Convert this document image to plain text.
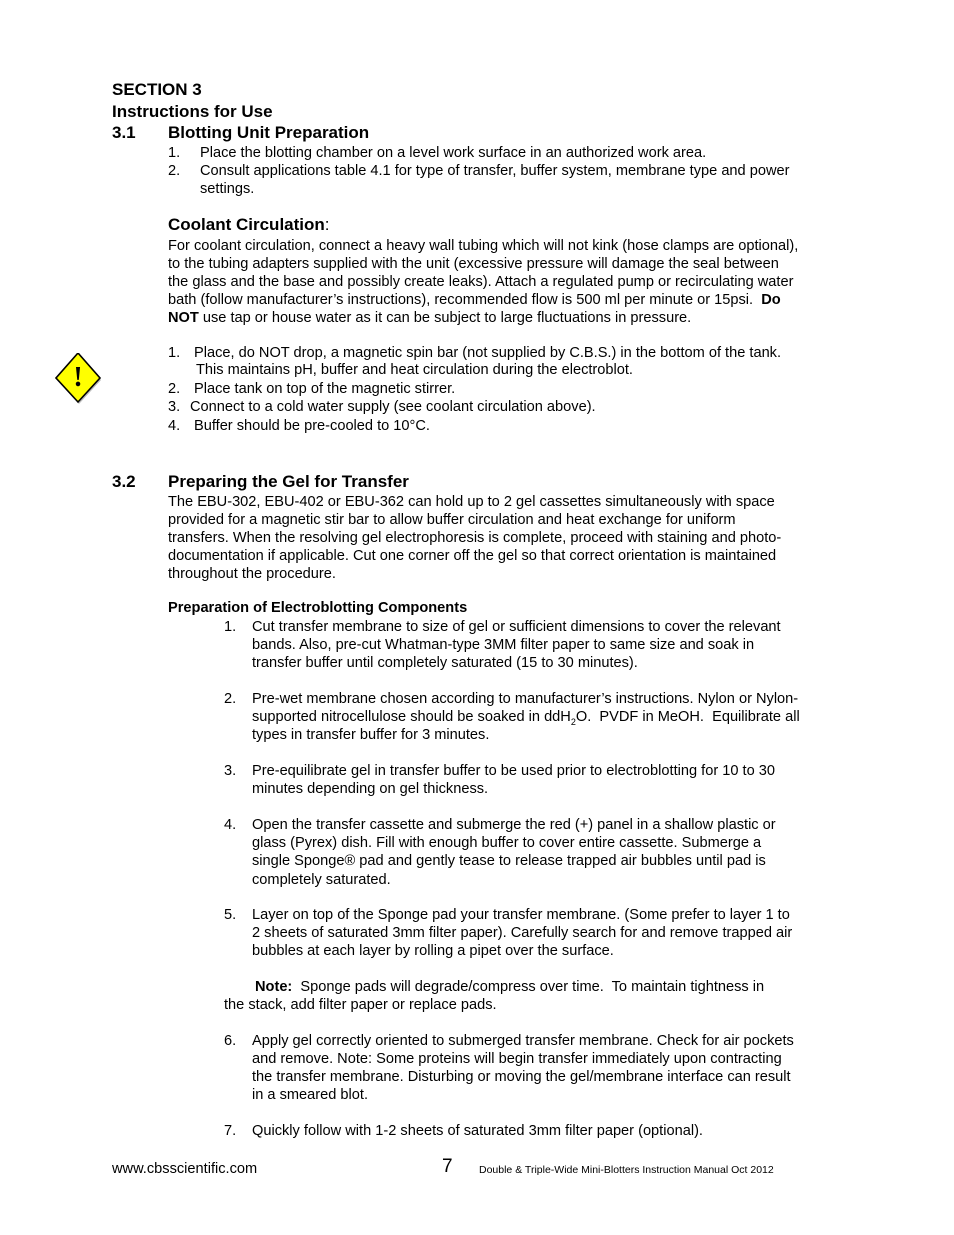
SECTION 3
Instructions for Use
3.1 Blotting Unit Preparation
1. Place the blotting chamber on a level work surface in an authorized work area.
2. Consult applications table 4.1 for type of transfer, buffer system, membrane type and power
settings.
Coolant Circulation:
For coolant circulation, connect a heavy wall tubing which will not kink (hose clamps are optional),
to the tubing adapters supplied with the unit (excessive pressure will damage the seal between
the glass and the base and possibly create leaks). Attach a regulated pump or recirculating water
bath (follow manufacturer’s instructions), recommended flow is 500 ml per minute or 15psi. Do
NOT use tap or house water as it can be subject to large fluctuations in pressure.
!
1. Place, do NOT drop, a magnetic spin bar (not supplied by C.B.S.) in the bottom of the tank.
This maintains pH, buffer and heat circulation during the electroblot.
2. Place tank on top of the magnetic stirrer.
3. Connect to a cold water supply (see coolant circulation above).
4. Buffer should be pre-cooled to 10°C.
3.2 Preparing the Gel for Transfer
The EBU-302, EBU-402 or EBU-362 can hold up to 2 gel cassettes simultaneously with space
provided for a magnetic stir bar to allow buffer circulation and heat exchange for uniform
transfers. When the resolving gel electrophoresis is complete, proceed with staining and photo-
documentation if applicable. Cut one corner off the gel so that correct orientation is maintained
throughout the procedure.
Preparation of Electroblotting Components
1. Cut transfer membrane to size of gel or sufficient dimensions to cover the relevant
bands. Also, pre-cut Whatman-type 3MM filter paper to same size and soak in
transfer buffer until completely saturated (15 to 30 minutes).
2. Pre-wet membrane chosen according to manufacturer’s instructions. Nylon or Nylon-
supported nitrocellulose should be soaked in ddH$_2$O.  PVDF in MeOH.  Equilibrate all
types in transfer buffer for 3 minutes.
3. Pre-equilibrate gel in transfer buffer to be used prior to electroblotting for 10 to 30
minutes depending on gel thickness.
4. Open the transfer cassette and submerge the red (+) panel in a shallow plastic or
glass (Pyrex) dish. Fill with enough buffer to cover entire cassette. Submerge a
single Sponge® pad and gently tease to release trapped air bubbles until pad is
completely saturated.
5. Layer on top of the Sponge pad your transfer membrane. (Some prefer to layer 1 to
2 sheets of saturated 3mm filter paper). Carefully search for and remove trapped air
bubbles at each layer by rolling a pipet over the surface.
Note:  Sponge pads will degrade/compress over time.  To maintain tightness in
the stack, add filter paper or replace pads.
6. Apply gel correctly oriented to submerged transfer membrane. Check for air pockets
and remove. Note: Some proteins will begin transfer immediately upon contracting
the transfer membrane. Disturbing or moving the gel/membrane interface can result
in a smeared blot.
7. Quickly follow with 1-2 sheets of saturated 3mm filter paper (optional).
www.cbsscientific.com	7	Double & Triple-Wide Mini-Blotters Instruction Manual Oct 2012
